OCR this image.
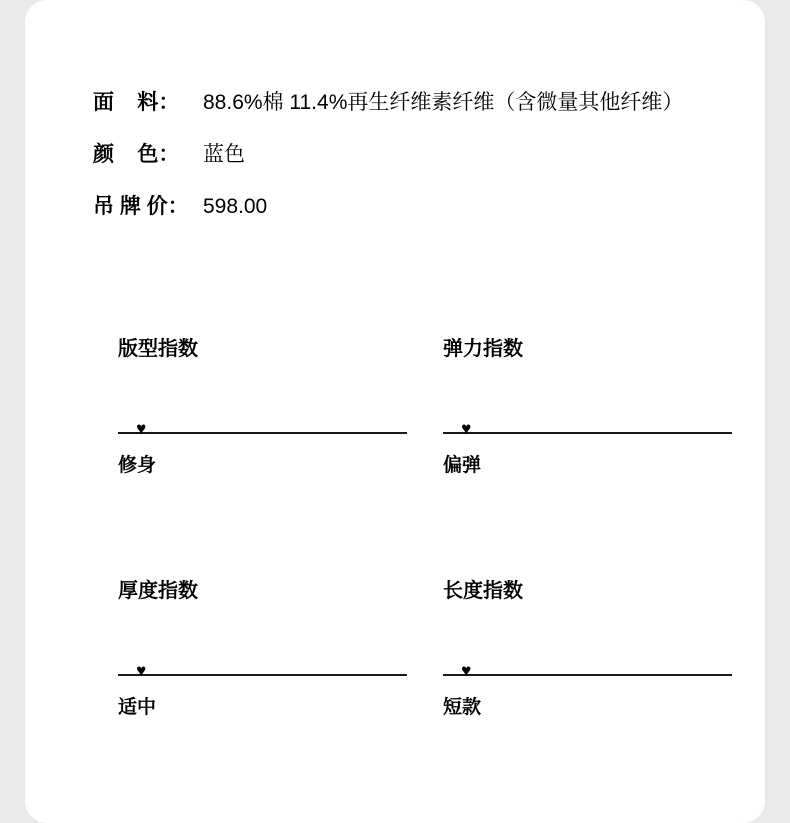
面    料：	88.6%棉 11.4%再生纤维素纤维（含微量其他纤维）
颜    色：	蓝色
吊 牌 价： 598.00
版型指数
♥
修身
弹力指数
♥
偏弹
厚度指数
♥
适中
长度指数
♥
短款
